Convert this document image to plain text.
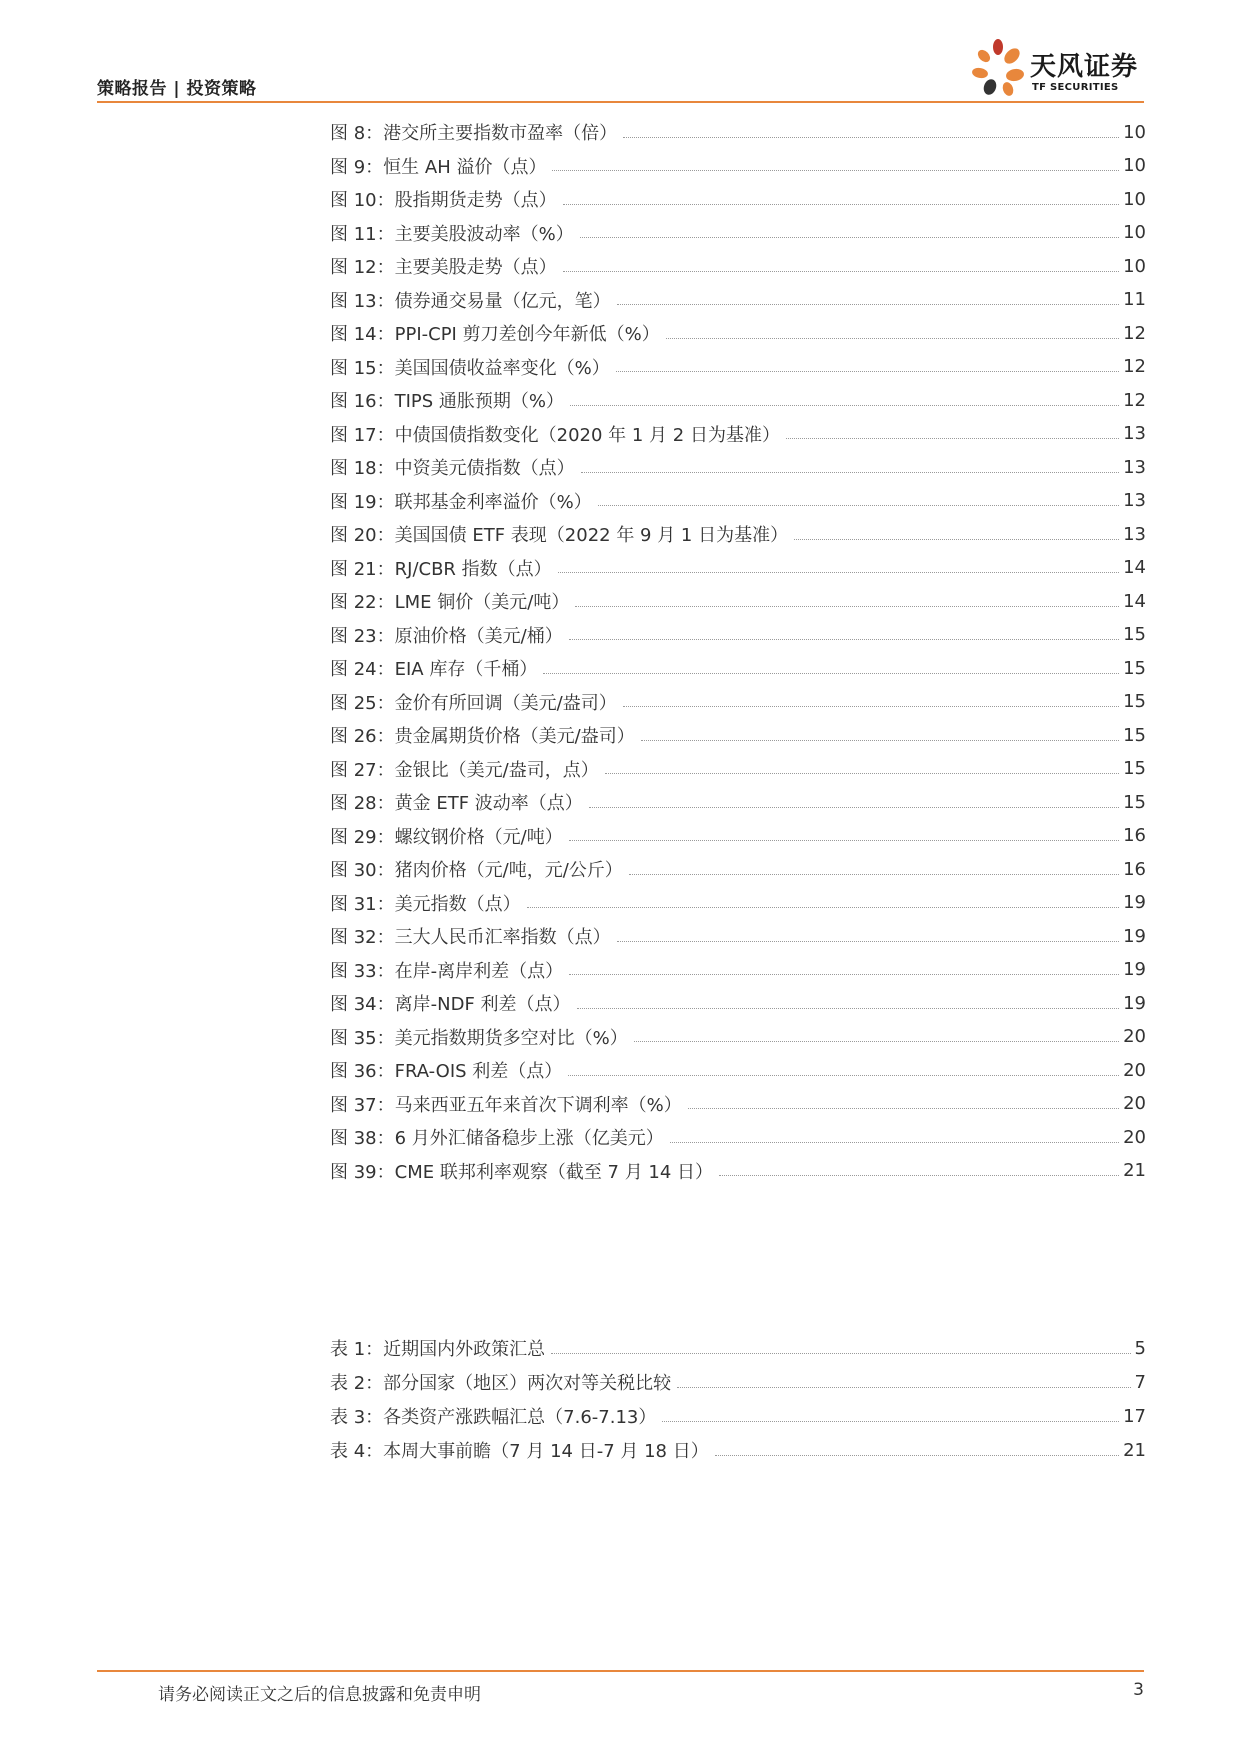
策略报告 | 投资策略
天风证券
TF SECURITIES
图 8：港交所主要指数市盈率（倍）	10
图 9：恒生 AH 溢价（点）	10
图 10：股指期货走势（点）	10
图 11：主要美股波动率（%）	10
图 12：主要美股走势（点）	10
图 13：债券通交易量（亿元，笔）	11
图 14：PPI-CPI 剪刀差创今年新低（%）	12
图 15：美国国债收益率变化（%）	12
图 16：TIPS 通胀预期（%）	12
图 17：中债国债指数变化（2020 年 1 月 2 日为基准）	13
图 18：中资美元债指数（点）	13
图 19：联邦基金利率溢价（%）	13
图 20：美国国债 ETF 表现（2022 年 9 月 1 日为基准）	13
图 21：RJ/CBR 指数（点）	14
图 22：LME 铜价（美元/吨）	14
图 23：原油价格（美元/桶）	15
图 24：EIA 库存（千桶）	15
图 25：金价有所回调（美元/盎司）	15
图 26：贵金属期货价格（美元/盎司）	15
图 27：金银比（美元/盎司，点）	15
图 28：黄金 ETF 波动率（点）	15
图 29：螺纹钢价格（元/吨）	16
图 30：猪肉价格（元/吨，元/公斤）	16
图 31：美元指数（点）	19
图 32：三大人民币汇率指数（点）	19
图 33：在岸-离岸利差（点）	19
图 34：离岸-NDF 利差（点）	19
图 35：美元指数期货多空对比（%）	20
图 36：FRA-OIS 利差（点）	20
图 37：马来西亚五年来首次下调利率（%）	20
图 38：6 月外汇储备稳步上涨（亿美元）	20
图 39：CME 联邦利率观察（截至 7 月 14 日）	21
表 1：近期国内外政策汇总	5
表 2：部分国家（地区）两次对等关税比较	7
表 3：各类资产涨跌幅汇总（7.6-7.13）	17
表 4：本周大事前瞻（7 月 14 日-7 月 18 日）	21
请务必阅读正文之后的信息披露和免责申明	3
